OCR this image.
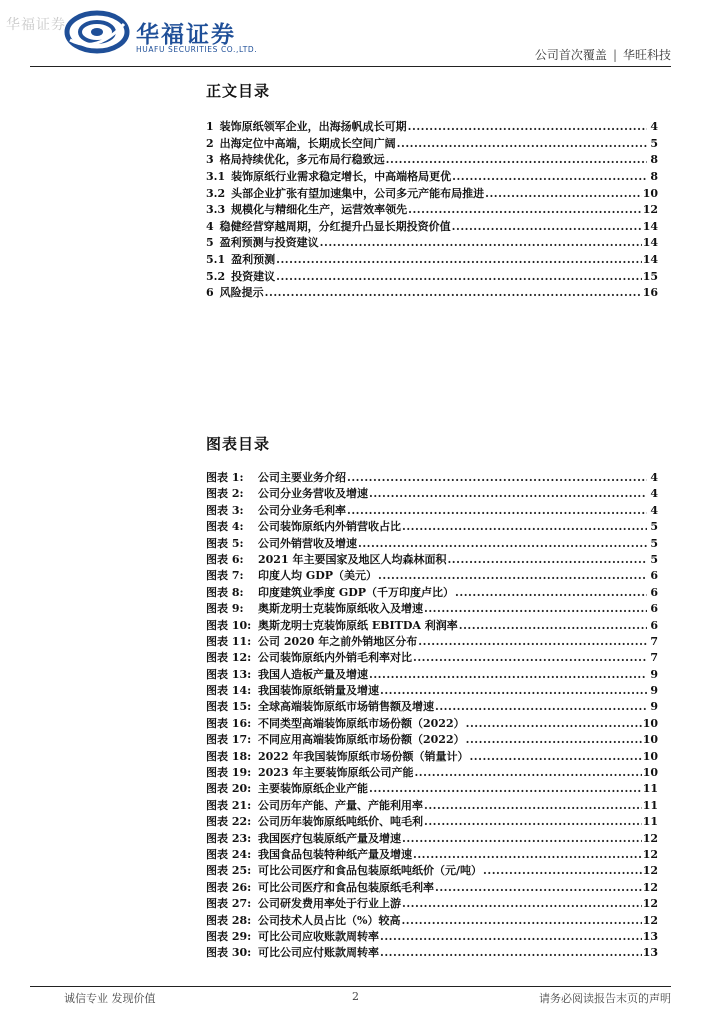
华福证券	华福证券
HUAFU SECURITIES CO.,LTD.	公司首次覆盖 | 华旺科技
正文目录
1 装饰原纸领军企业，出海扬帆成长可期 .....	4
2 出海定位中高端，长期成长空间广阔 .....	5
3 格局持续优化，多元布局行稳致远 .....	8
3.1 装饰原纸行业需求稳定增长，中高端格局更优 .....	8
3.2 头部企业扩张有望加速集中，公司多元产能布局推进 .....	10
3.3 规模化与精细化生产，运营效率领先 .....	12
4 稳健经营穿越周期，分红提升凸显长期投资价值 .....	14
5 盈利预测与投资建议 .....	14
5.1 盈利预测 .....	14
5.2 投资建议 .....	15
6 风险提示 .....	16
图表目录
图表 1:	公司主要业务介绍 .....	4
图表 2:	公司分业务营收及增速 .....	4
图表 3:	公司分业务毛利率 .....	4
图表 4:	公司装饰原纸内外销营收占比 .....	5
图表 5:	公司外销营收及增速 .....	5
图表 6:	2021 年主要国家及地区人均森林面积 .....	5
图表 7:	印度人均 GDP（美元） .....	6
图表 8:	印度建筑业季度 GDP（千万印度卢比） .....	6
图表 9:	奥斯龙明士克装饰原纸收入及增速 .....	6
图表 10: 奥斯龙明士克装饰原纸 EBITDA 利润率 .....	6
图表 11: 公司 2020 年之前外销地区分布 .....	7
图表 12: 公司装饰原纸内外销毛利率对比 .....	7
图表 13: 我国人造板产量及增速 .....	9
图表 14: 我国装饰原纸销量及增速 .....	9
图表 15: 全球高端装饰原纸市场销售额及增速 .....	9
图表 16: 不同类型高端装饰原纸市场份额（2022） .....	10
图表 17: 不同应用高端装饰原纸市场份额（2022） .....	10
图表 18: 2022 年我国装饰原纸市场份额（销量计） .....	10
图表 19: 2023 年主要装饰原纸公司产能 .....	10
图表 20: 主要装饰原纸企业产能 .....	11
图表 21: 公司历年产能、产量、产能利用率 .....	11
图表 22: 公司历年装饰原纸吨纸价、吨毛利 .....	11
图表 23: 我国医疗包装原纸产量及增速 .....	12
图表 24: 我国食品包装特种纸产量及增速 .....	12
图表 25: 可比公司医疗和食品包装原纸吨纸价（元/吨） .....	12
图表 26: 可比公司医疗和食品包装原纸毛利率 .....	12
图表 27: 公司研发费用率处于行业上游 .....	12
图表 28: 公司技术人员占比（%）较高 .....	12
图表 29: 可比公司应收账款周转率 .....	13
图表 30: 可比公司应付账款周转率 .....	13
诚信专业 发现价值	2	请务必阅读报告末页的声明
